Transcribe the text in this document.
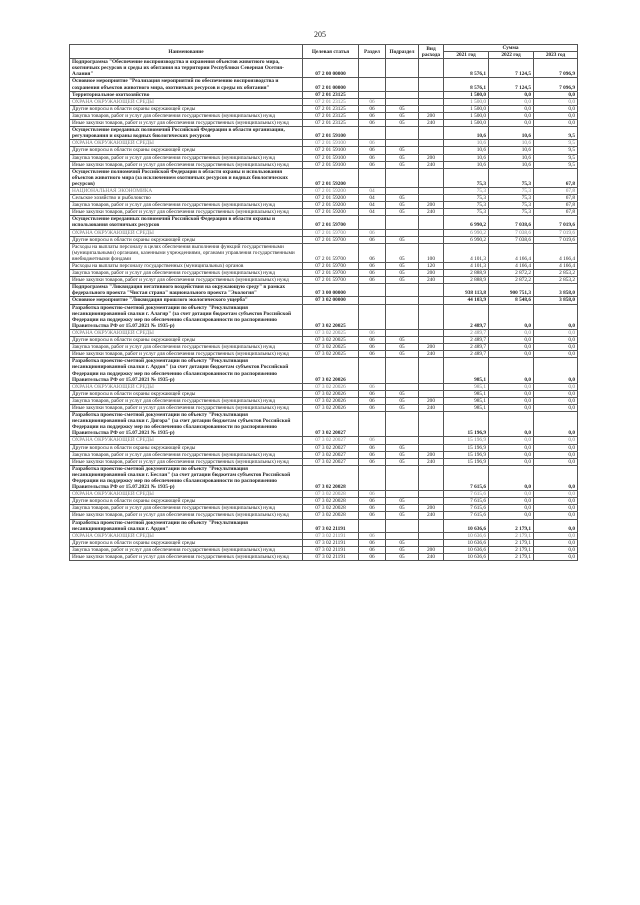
205
Наименование	Целевая статья	Раздел	Подраздел	Вид расхода	Сумма		
					2021 год	2022 год	2023 год
Подпрограмма "Обеспечение воспроизводства и охранения объектов животного мира, охотничьих ресурсов и среды их обитания на территории Республики Северная Осетия-Алания"	07 2 00 00000				8 576,1	7 124,5	7 096,9
Основное мероприятие "Реализация мероприятий по обеспечению воспроизводства и сохранения объектов животного мира, охотничьих ресурсов и среды их обитания"	07 2 01 00000				8 576,1	7 124,5	7 096,9
Территориальное охотхозяйство	07 2 01 23125				1 500,0	0,0	0,0
ОХРАНА ОКРУЖАЮЩЕЙ СРЕДЫ	07 2 01 23125	06			1 500,0	0,0	0,0
Другие вопросы в области охраны окружающей среды	07 2 01 23125	06	05		1 500,0	0,0	0,0
Закупка товаров, работ и услуг для обеспечения государственных (муниципальных) нужд	07 2 01 23125	06	05	200	1 500,0	0,0	0,0
Иные закупки товаров, работ и услуг для обеспечения государственных (муниципальных) нужд	07 2 01 23125	06	05	240	1 500,0	0,0	0,0
Осуществление переданных полномочий Российской Федерации в области организации, регулирования и охраны водных биологических ресурсов	07 2 01 59100				10,6	10,6	9,5
ОХРАНА ОКРУЖАЮЩЕЙ СРЕДЫ	07 2 01 59100	06			10,6	10,6	9,5
Другие вопросы в области охраны окружающей среды	07 2 01 59100	06	05		10,6	10,6	9,5
Закупка товаров, работ и услуг для обеспечения государственных (муниципальных) нужд	07 2 01 59100	06	05	200	10,6	10,6	9,5
Иные закупки товаров, работ и услуг для обеспечения государственных (муниципальных) нужд	07 2 01 59100	06	05	240	10,6	10,6	9,5
Осуществление полномочий Российской Федерации в области охраны и использования объектов животного мира (за исключением охотничьих ресурсов и водных биологических ресурсов)	07 2 01 59200				75,3	75,3	67,8
НАЦИОНАЛЬНАЯ ЭКОНОМИКА	07 2 01 59200	04			75,3	75,3	67,8
Сельское хозяйство и рыболовство	07 2 01 59200	04	05		75,3	75,3	67,8
Закупка товаров, работ и услуг для обеспечения государственных (муниципальных) нужд	07 2 01 59200	04	05	200	75,3	75,3	67,8
Иные закупки товаров, работ и услуг для обеспечения государственных (муниципальных) нужд	07 2 01 59200	04	05	240	75,3	75,3	67,8
Осуществление переданных полномочий Российской Федерации в области охраны и использования охотничьих ресурсов	07 2 01 59700				6 990,2	7 038,6	7 019,6
ОХРАНА ОКРУЖАЮЩЕЙ СРЕДЫ	07 2 01 59700	06			6 990,2	7 038,6	7 019,6
Другие вопросы в области охраны окружающей среды	07 2 01 59700	06	05		6 990,2	7 038,6	7 019,6
Расходы на выплаты персоналу в целях обеспечения выполнения функций государственными (муниципальными) органами, казенными учреждениями, органами управления государственными внебюджетными фондами	07 2 01 59700	06	05	100	4 101,3	4 166,4	4 166,4
Расходы на выплаты персоналу государственных (муниципальных) органов	07 2 01 59700	06	05	120	4 101,3	4 166,4	4 166,4
Закупка товаров, работ и услуг для обеспечения государственных (муниципальных) нужд	07 2 01 59700	06	05	200	2 888,9	2 872,2	2 853,2
Иные закупки товаров, работ и услуг для обеспечения государственных (муниципальных) нужд	07 2 01 59700	06	05	240	2 888,9	2 872,2	2 853,2
Подпрограмма "Ликвидация негативного воздействия на окружающую среду" в рамках федерального проекта "Чистая страна" национального проекта "Экология"	07 3 00 00000				938 113,8	900 751,3	3 858,0
Основное мероприятие "Ликвидация прошлого экологического ущерба"	07 3 02 00000				44 103,9	8 548,6	3 858,0
Разработка проектно-сметной документации по объекту "Рекультивация несанкционированной свалки г. Алагир" (за счет дотации бюджетам субъектов Российской Федерации на поддержку мер по обеспечению сбалансированности по распоряжению Правительства РФ от 15.07.2021 № 1935-р)	07 3 02 20025				2 489,7	0,0	0,0
ОХРАНА ОКРУЖАЮЩЕЙ СРЕДЫ	07 3 02 20025	06			2 489,7	0,0	0,0
Другие вопросы в области охраны окружающей среды	07 3 02 20025	06	05		2 489,7	0,0	0,0
Закупка товаров, работ и услуг для обеспечения государственных (муниципальных) нужд	07 3 02 20025	06	05	200	2 489,7	0,0	0,0
Иные закупки товаров, работ и услуг для обеспечения государственных (муниципальных) нужд	07 3 02 20025	06	05	240	2 489,7	0,0	0,0
Разработка проектно-сметной документации по объекту "Рекультивация несанкционированной свалки г. Ардон" (за счет дотации бюджетам субъектов Российской Федерации на поддержку мер по обеспечению сбалансированности по распоряжению Правительства РФ от 15.07.2021 № 1935-р)	07 3 02 20026				985,1	0,0	0,0
ОХРАНА ОКРУЖАЮЩЕЙ СРЕДЫ	07 3 02 20026	06			985,1	0,0	0,0
Другие вопросы в области охраны окружающей среды	07 3 02 20026	06	05		985,1	0,0	0,0
Закупка товаров, работ и услуг для обеспечения государственных (муниципальных) нужд	07 3 02 20026	06	05	200	985,1	0,0	0,0
Иные закупки товаров, работ и услуг для обеспечения государственных (муниципальных) нужд	07 3 02 20026	06	05	240	985,1	0,0	0,0
Разработка проектно-сметной документации по объекту "Рекультивация несанкционированной свалки г. Дигора" (за счет дотации бюджетам субъектов Российской Федерации на поддержку мер по обеспечению сбалансированности по распоряжению Правительства РФ от 15.07.2021 № 1935-р)	07 3 02 20027				15 196,9	0,0	0,0
ОХРАНА ОКРУЖАЮЩЕЙ СРЕДЫ	07 3 02 20027	06			15 196,9	0,0	0,0
Другие вопросы в области охраны окружающей среды	07 3 02 20027	06	05		15 196,9	0,0	0,0
Закупка товаров, работ и услуг для обеспечения государственных (муниципальных) нужд	07 3 02 20027	06	05	200	15 196,9	0,0	0,0
Иные закупки товаров, работ и услуг для обеспечения государственных (муниципальных) нужд	07 3 02 20027	06	05	240	15 196,9	0,0	0,0
Разработка проектно-сметной документации по объекту "Рекультивация несанкционированной свалки г. Беслан" (за счет дотации бюджетам субъектов Российской Федерации на поддержку мер по обеспечению сбалансированности по распоряжению Правительства РФ от 15.07.2021 № 1935-р)	07 3 02 20028				7 615,6	0,0	0,0
ОХРАНА ОКРУЖАЮЩЕЙ СРЕДЫ	07 3 02 20028	06			7 615,6	0,0	0,0
Другие вопросы в области охраны окружающей среды	07 3 02 20028	06	05		7 615,6	0,0	0,0
Закупка товаров, работ и услуг для обеспечения государственных (муниципальных) нужд	07 3 02 20028	06	05	200	7 615,6	0,0	0,0
Иные закупки товаров, работ и услуг для обеспечения государственных (муниципальных) нужд	07 3 02 20028	06	05	240	7 615,6	0,0	0,0
Разработка проектно-сметной документации по объекту "Рекультивация несанкционированной свалки г. Ардон"	07 3 02 21191				10 636,6	2 179,1	0,0
ОХРАНА ОКРУЖАЮЩЕЙ СРЕДЫ	07 3 02 21191	06			10 636,6	2 179,1	0,0
Другие вопросы в области охраны окружающей среды	07 3 02 21191	06	05		10 636,6	2 179,1	0,0
Закупка товаров, работ и услуг для обеспечения государственных (муниципальных) нужд	07 3 02 21191	06	05	200	10 636,6	2 179,1	0,0
Иные закупки товаров, работ и услуг для обеспечения государственных (муниципальных) нужд	07 3 02 21191	06	05	240	10 636,6	2 179,1	0,0
